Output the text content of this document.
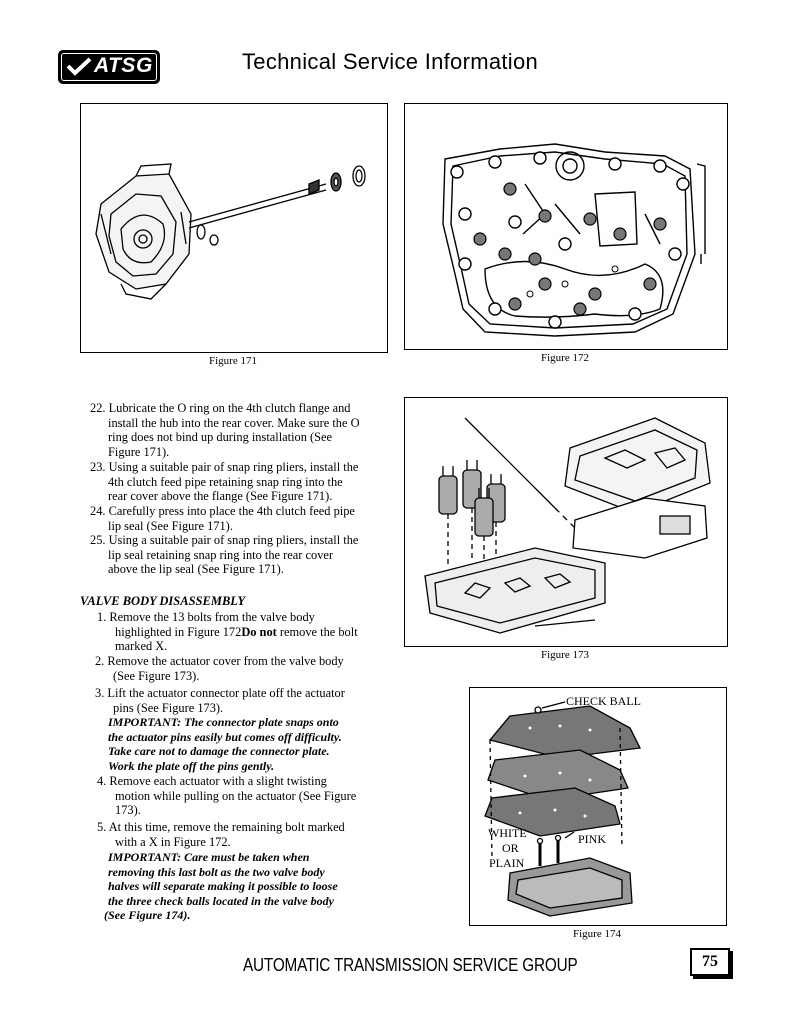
ATSG	Technical Service Information
Figure 171	Figure 172
Figure 173
CHECK BALL
WHITE
OR
PLAIN
PINK
Figure 174
22. Lubricate the O ring on the 4th clutch flange and
install the hub into the rear cover. Make sure the O
ring does not bind up during installation (See
Figure 171).
23. Using a suitable pair of snap ring pliers, install the
4th clutch feed pipe retaining snap ring into the
rear cover above the flange (See Figure 171).
24. Carefully press into place the 4th clutch feed pipe
lip seal (See Figure 171).
25. Using a suitable pair of snap ring pliers, install the
lip seal retaining snap ring into the rear cover
above the lip seal (See Figure 171).
VALVE BODY DISASSEMBLY
1. Remove the 13 bolts from the valve body
highlighted in Figure 172Do not remove the bolt
marked X.
2. Remove the actuator cover from the valve body
(See Figure 173).
3. Lift the actuator connector plate off the actuator
pins (See Figure 173).
IMPORTANT: The connector plate snaps onto
the actuator pins easily but comes off difficulty.
Take care not to damage the connector plate.
Work the plate off the pins gently.
4. Remove each actuator with a slight twisting
motion while pulling on the actuator (See Figure
173).
5. At this time, remove the remaining bolt marked
with a X in Figure 172.
IMPORTANT: Care must be taken when
removing this last bolt as the two valve body
halves will separate making it possible to loose
the three check balls located in the valve body
(See Figure 174).
AUTOMATIC TRANSMISSION SERVICE GROUP	75
